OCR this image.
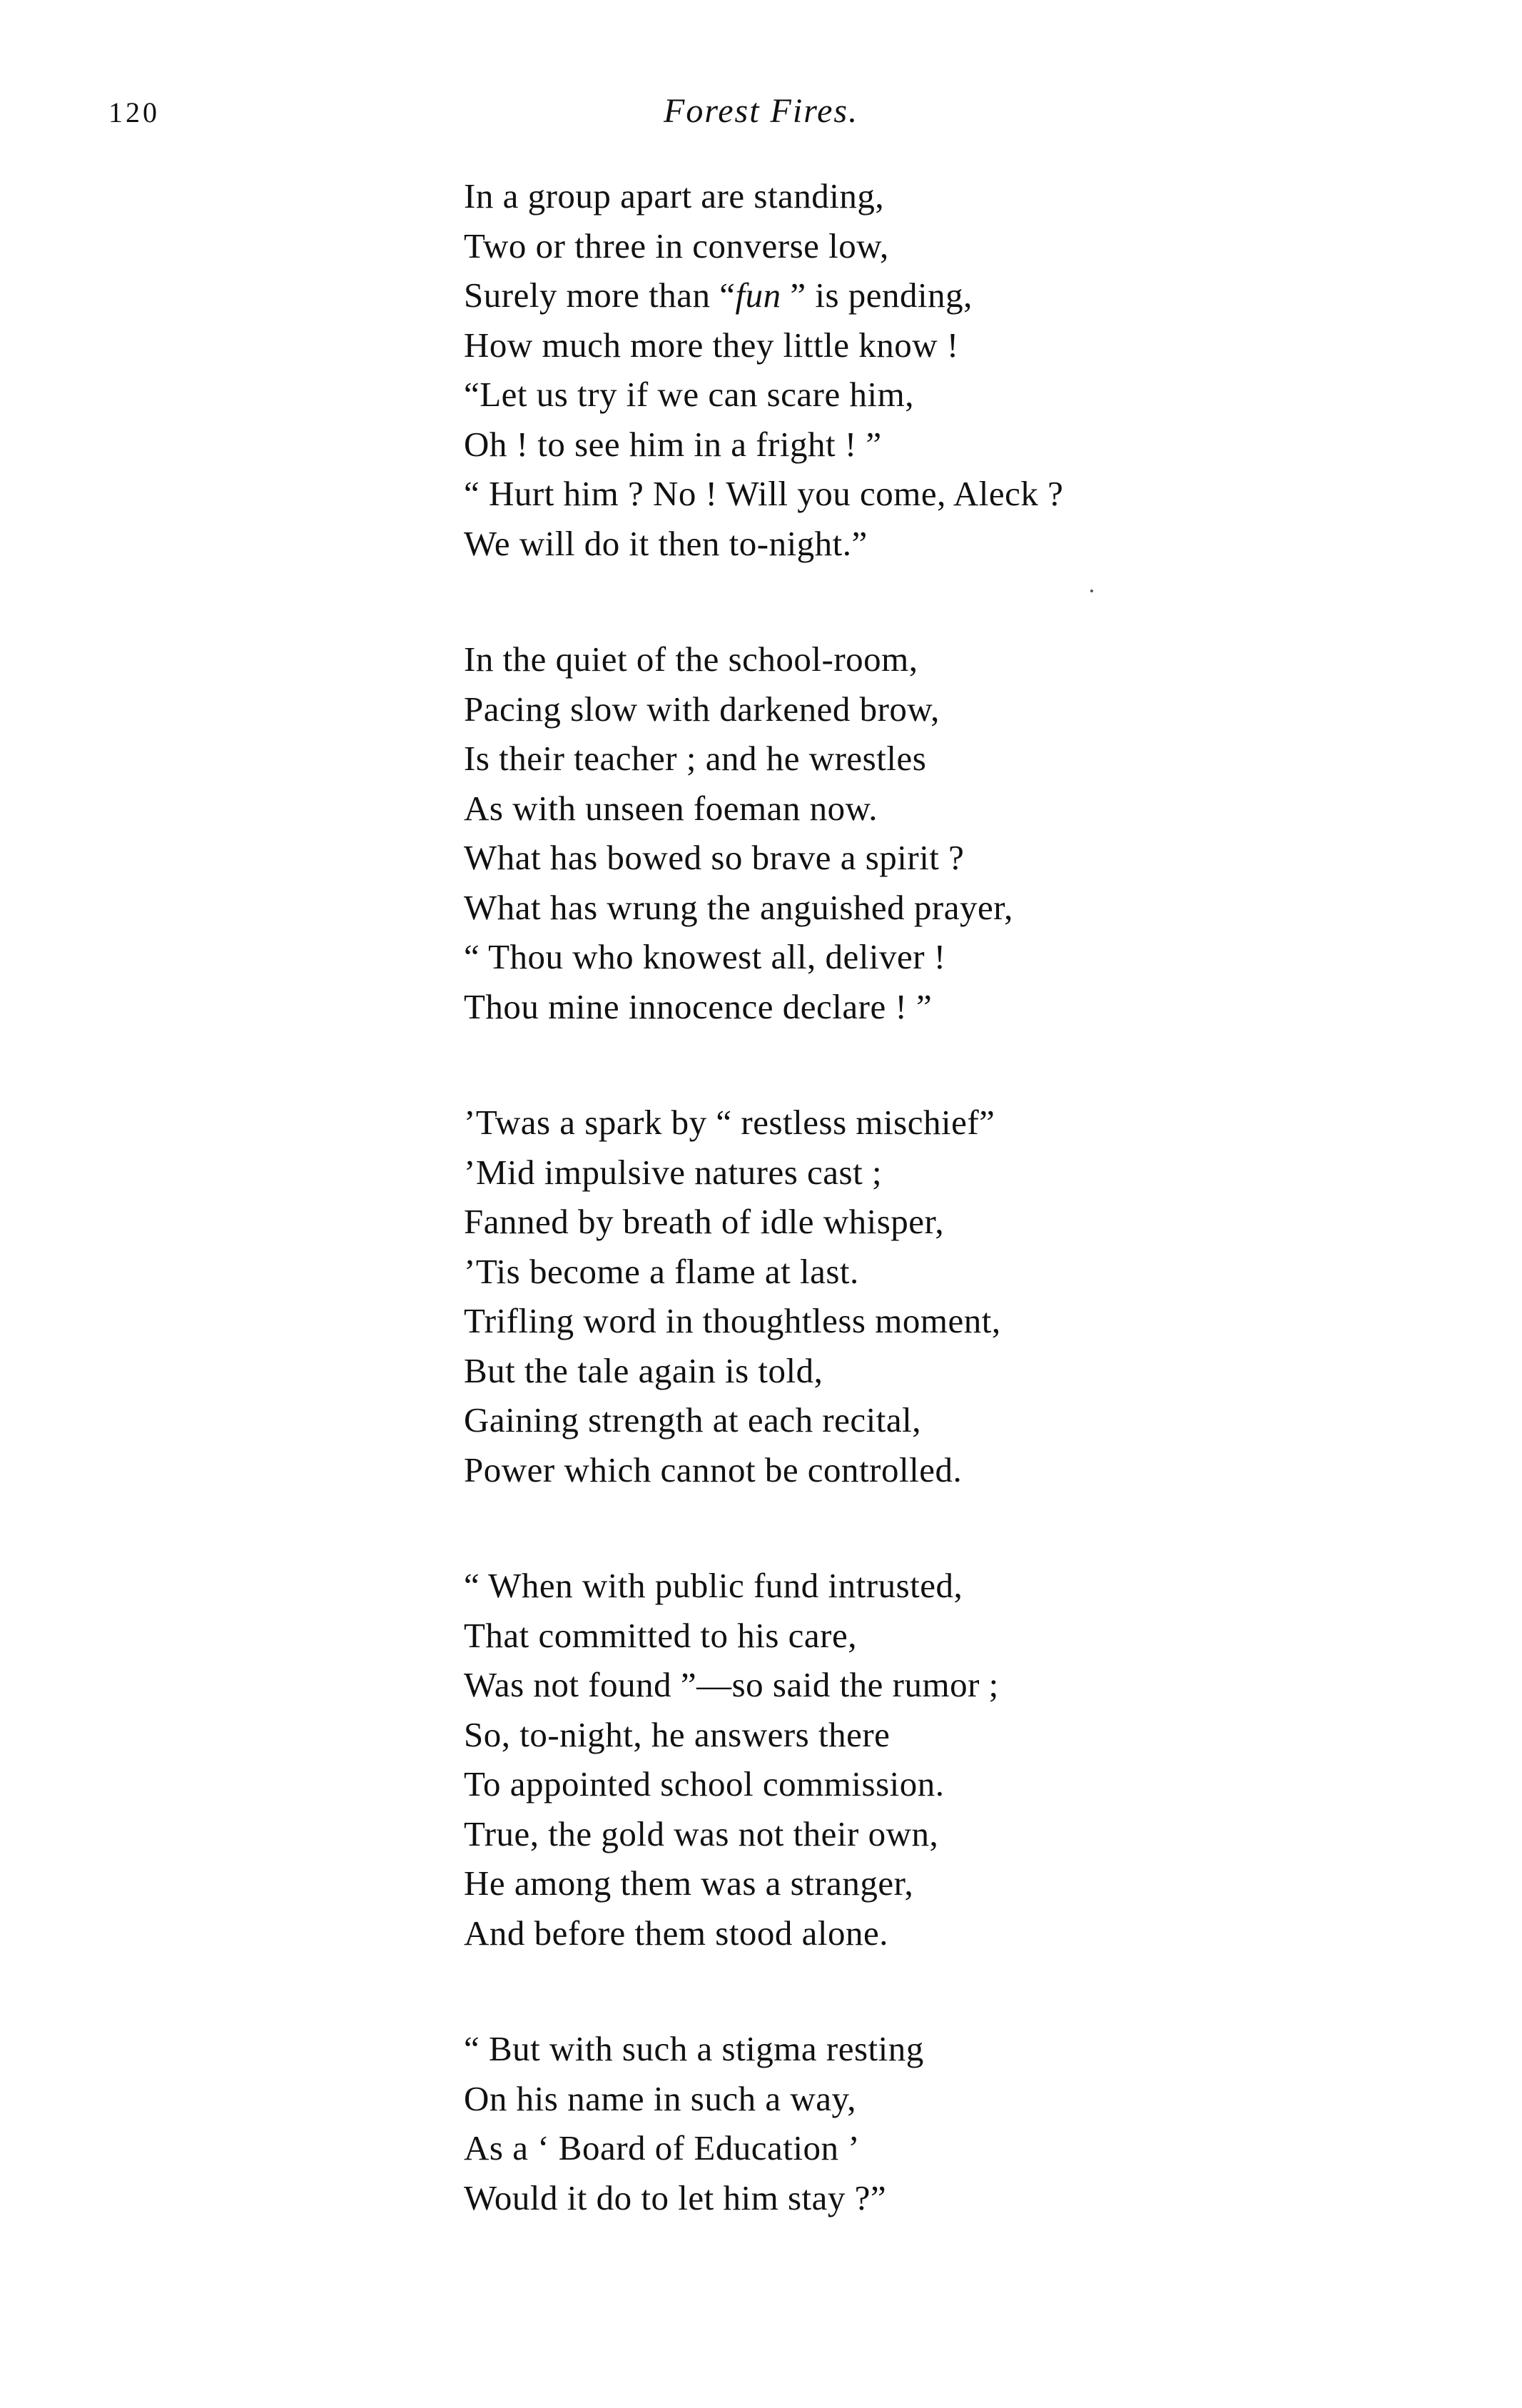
120	Forest Fires.
In a group apart are standing,
Two or three in converse low,
Surely more than “fun ” is pending,
How much more they little know !
“Let us try if we can scare him,
Oh ! to see him in a fright ! ”
“ Hurt him ? No ! Will you come, Aleck ?
We will do it then to-night.”
In the quiet of the school-room,
Pacing slow with darkened brow,
Is their teacher ; and he wrestles
As with unseen foeman now.
What has bowed so brave a spirit ?
What has wrung the anguished prayer,
“ Thou who knowest all, deliver !
Thou mine innocence declare ! ”
’Twas a spark by “ restless mischief”
’Mid impulsive natures cast ;
Fanned by breath of idle whisper,
’Tis become a flame at last.
Trifling word in thoughtless moment,
But the tale again is told,
Gaining strength at each recital,
Power which cannot be controlled.
“ When with public fund intrusted,
That committed to his care,
Was not found ”—so said the rumor ;
So, to-night, he answers there
To appointed school commission.
True, the gold was not their own,
He among them was a stranger,
And before them stood alone.
“ But with such a stigma resting
On his name in such a way,
As a ‘ Board of Education ’
Would it do to let him stay ?”
